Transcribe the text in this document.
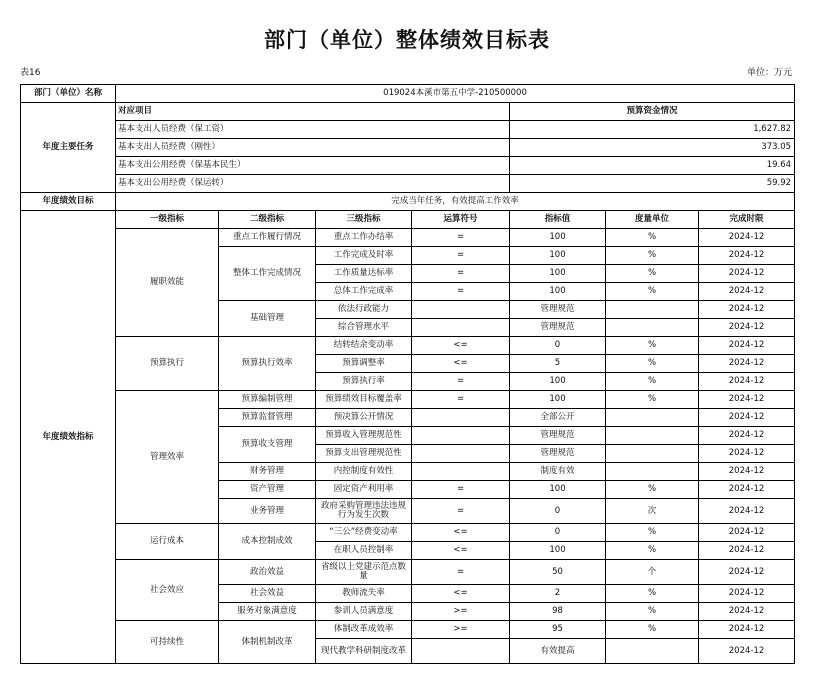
部门（单位）整体绩效目标表
表16	单位：万元
部门（单位）名称	019024本溪市第五中学-210500000						
年度主要任务	对应项目				预算资金情况		
	基本支出人员经费（保工资）				1,627.82		
	基本支出人员经费（刚性）				373.05		
	基本支出公用经费（保基本民生）				19.64		
	基本支出公用经费（保运转）				59.92		
年度绩效目标	完成当年任务，有效提高工作效率						
年度绩效指标	一级指标	二级指标	三级指标	运算符号	指标值	度量单位	完成时限
	履职效能	重点工作履行情况	重点工作办结率	=	100	%	2024-12
		整体工作完成情况	工作完成及时率	=	100	%	2024-12
			工作质量达标率	=	100	%	2024-12
			总体工作完成率	=	100	%	2024-12
		基础管理	依法行政能力		管理规范		2024-12
			综合管理水平		管理规范		2024-12
	预算执行	预算执行效率	结转结余变动率	<=	0	%	2024-12
			预算调整率	<=	5	%	2024-12
			预算执行率	=	100	%	2024-12
	管理效率	预算编制管理	预算绩效目标覆盖率	=	100	%	2024-12
		预算监督管理	预决算公开情况		全部公开		2024-12
		预算收支管理	预算收入管理规范性		管理规范		2024-12
			预算支出管理规范性		管理规范		2024-12
		财务管理	内控制度有效性		制度有效		2024-12
		资产管理	固定资产利用率	=	100	%	2024-12
		业务管理	政府采购管理违法违规行为发生次数	=	0	次	2024-12
	运行成本	成本控制成效	“三公”经费变动率	<=	0	%	2024-12
			在职人员控制率	<=	100	%	2024-12
	社会效应	政治效益	省级以上党建示范点数量	=	50	个	2024-12
		社会效益	教师流失率	<=	2	%	2024-12
		服务对象满意度	参训人员满意度	>=	98	%	2024-12
	可持续性	体制机制改革	体制改革成效率	>=	95	%	2024-12
			现代教学科研制度改革		有效提高		2024-12
